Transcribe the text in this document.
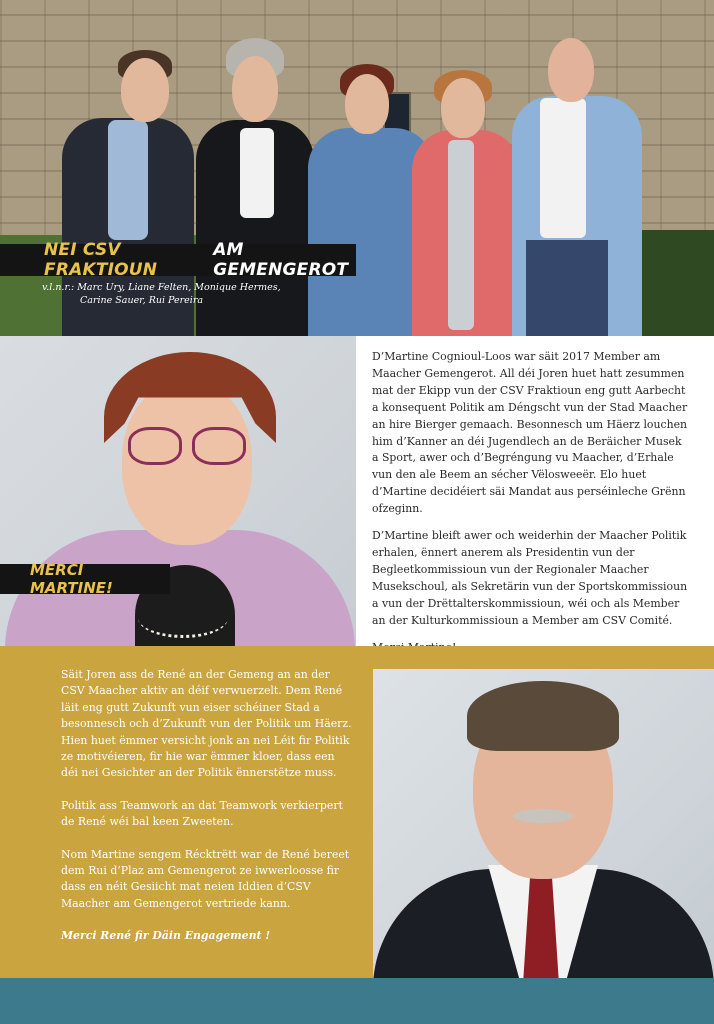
NEI CSV FRAKTIOUN
AM GEMENGEROT
v.l.n.r.: Marc Ury, Liane Felten, Monique Hermes,
Carine Sauer, Rui Pereira
MERCI MARTINE!

D’Martine Cognioul-Loos war säit 2017 Member am Maacher Gemengerot. All déi Joren huet hatt zesummen mat der Ekipp vun der CSV Fraktioun eng gutt Aarbecht a konsequent Politik am Déngscht vun der Stad Maacher an hire Bierger gemaach. Besonnesch um Häerz louchen him d’Kanner an déi Jugendlech an de Beräicher Musek a Sport, awer och d’Begréngung vu Maacher, d’Erhale vun den ale Beem an sécher Vëlosweeër. Elo huet d’Martine decidéiert säi Mandat aus perséinleche Grënn ofzeginn.

D’Martine bleift awer och weiderhin der Maacher Politik erhalen, ënnert anerem als Presidentin vun der Begleetkommissioun vun der Regionaler Maacher Musekschoul, als Sekretärin vun der Sportskommissioun a vun der Drëttalterskommissioun, wéi och als Member an der Kulturkommissioun a Member am CSV Comité.

Säit Joren ass de René an der Gemeng an an der CSV Maacher aktiv an déif verwuerzelt. Dem René läit eng gutt Zukunft vun eiser schéiner Stad a besonnesch och d’Zukunft vun der Politik um Häerz. Hien huet ëmmer versicht jonk an nei Léit fir Politik ze motivéieren, fir hie war ëmmer kloer, dass een déi nei Gesichter an der Politik ënnerstëtze muss.

Politik ass Teamwork an dat Teamwork verkierpert de René wéi bal keen Zweeten.

Nom Martine sengem Récktrëtt war de René bereet dem Rui d’Plaz am Gemengerot ze iwwerloosse fir dass en néit Gesiicht mat neien Iddien d’CSV Maacher am Gemengerot vertriede kann.

Merci René fir Däin Engagement !
